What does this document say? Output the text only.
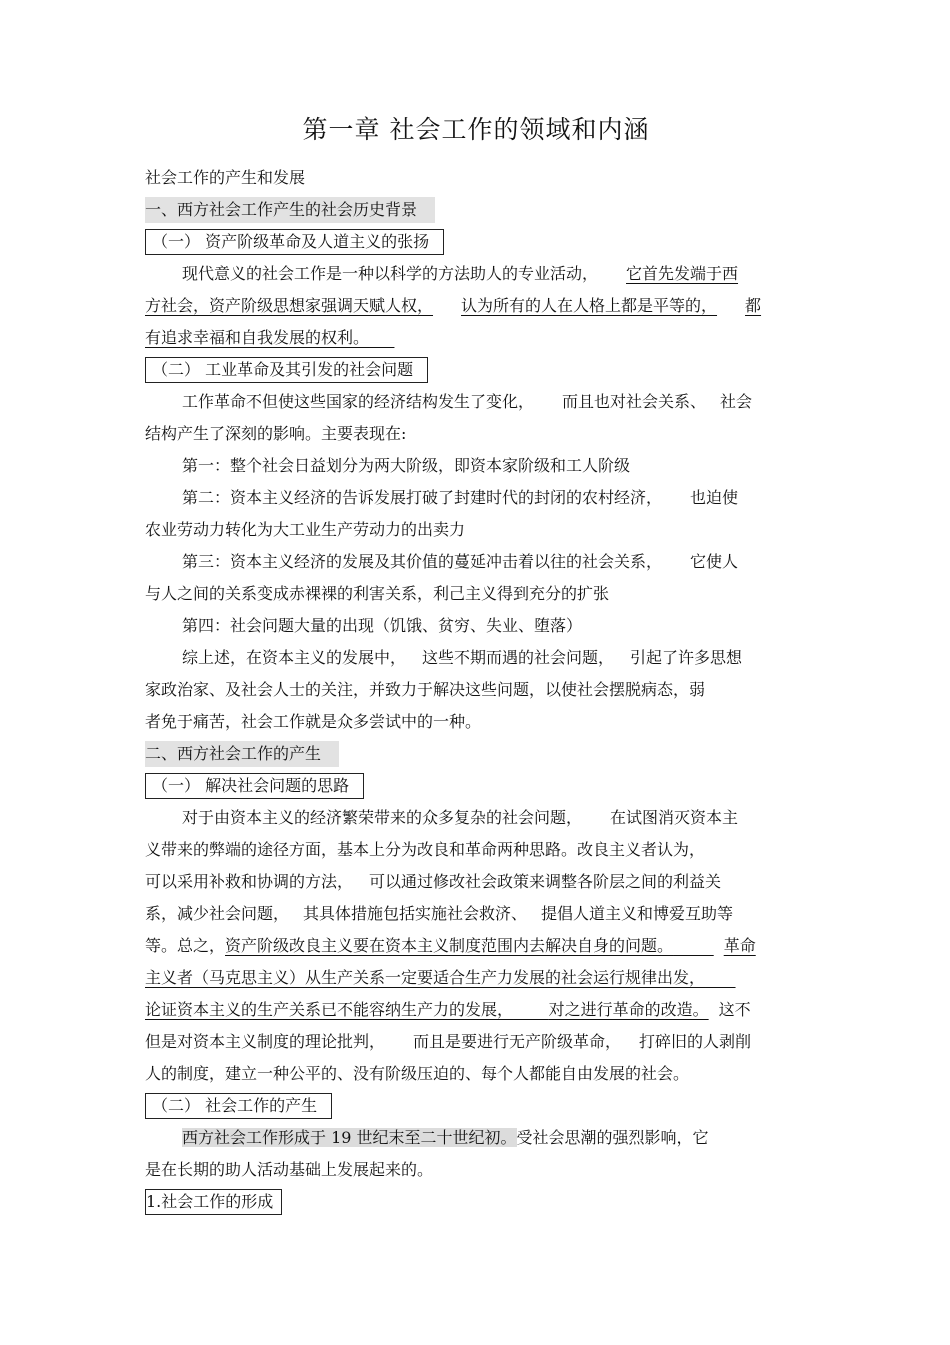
第一章 社会工作的领域和内涵
社会工作的产生和发展
一、西方社会工作产生的社会历史背景
（一） 资产阶级革命及人道主义的张扬
现代意义的社会工作是一种以科学的方法助人的专业活动， 它首先发端于西
方社会，资产阶级思想家强调天赋人权， 认为所有的人在人格上都是平等的， 都
有追求幸福和自我发展的权利。
（二） 工业革命及其引发的社会问题
工作革命不但使这些国家的经济结构发生了变化， 而且也对社会关系、 社会
结构产生了深刻的影响。主要表现在:
第一：整个社会日益划分为两大阶级，即资本家阶级和工人阶级
第二：资本主义经济的告诉发展打破了封建时代的封闭的农村经济， 也迫使
农业劳动力转化为大工业生产劳动力的出卖力
第三：资本主义经济的发展及其价值的蔓延冲击着以往的社会关系， 它使人
与人之间的关系变成赤裸裸的利害关系，利己主义得到充分的扩张
第四：社会问题大量的出现（饥饿、贫穷、失业、堕落）
综上述，在资本主义的发展中， 这些不期而遇的社会问题， 引起了许多思想
家政治家、及社会人士的关注，并致力于解决这些问题，以使社会摆脱病态，弱
者免于痛苦，社会工作就是众多尝试中的一种。
二、西方社会工作的产生
（一） 解决社会问题的思路
对于由资本主义的经济繁荣带来的众多复杂的社会问题， 在试图消灭资本主
义带来的弊端的途径方面，基本上分为改良和革命两种思路。改良主义者认为，
可以采用补救和协调的方法， 可以通过修改社会政策来调整各阶层之间的利益关
系，减少社会问题， 其具体措施包括实施社会救济、 提倡人道主义和博爱互助等
等。总之，资产阶级改良主义要在资本主义制度范围内去解决自身的问题。	革命
主义者（马克思主义）从生产关系一定要适合生产力发展的社会运行规律出发，
论证资本主义的生产关系已不能容纳生产力的发展， 对之进行革命的改造。 这不
但是对资本主义制度的理论批判， 而且是要进行无产阶级革命， 打碎旧的人剥削
人的制度，建立一种公平的、没有阶级压迫的、每个人都能自由发展的社会。
（二） 社会工作的产生
西方社会工作形成于 19 世纪末至二十世纪初。受社会思潮的强烈影响，它
是在长期的助人活动基础上发展起来的。
1.社会工作的形成
